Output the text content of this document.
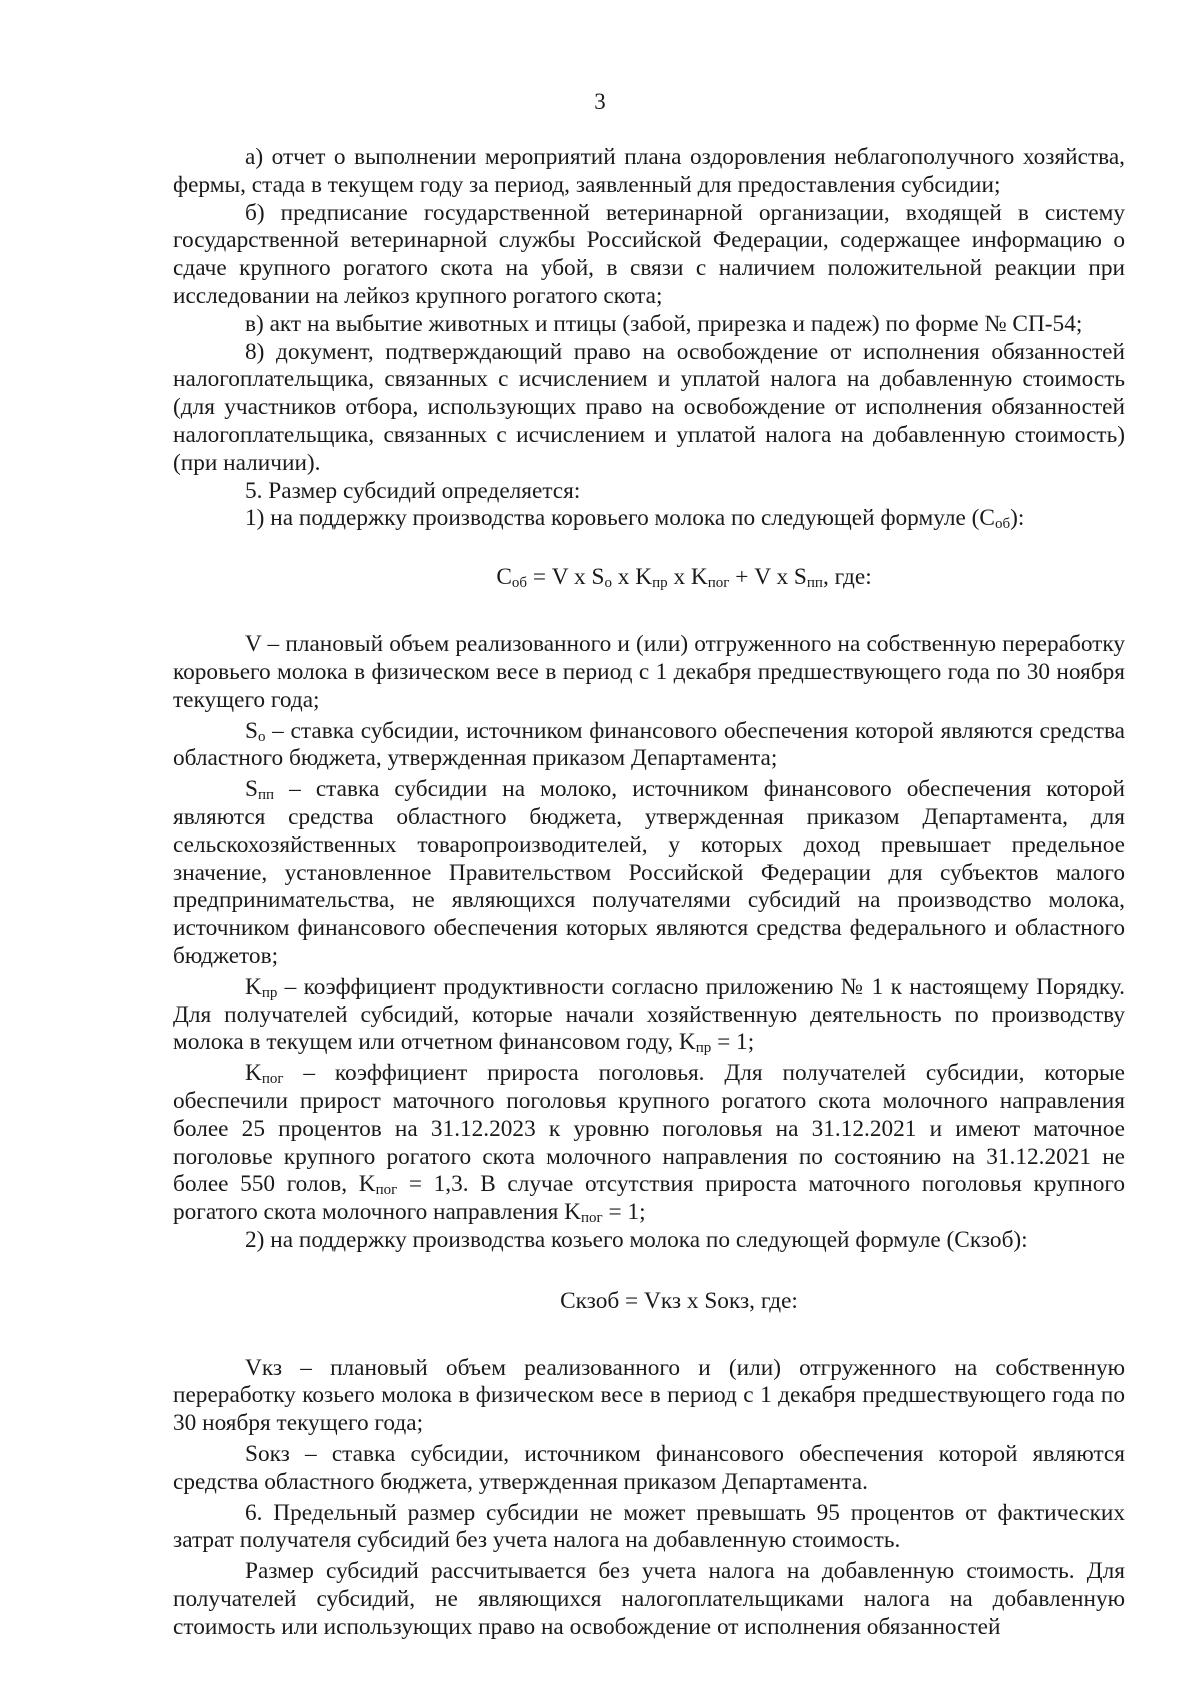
3

а) отчет о выполнении мероприятий плана оздоровления неблагополучного хозяйства, фермы, стада в текущем году за период, заявленный для предоставления субсидии;

б) предписание государственной ветеринарной организации, входящей в систему государственной ветеринарной службы Российской Федерации, содержащее информацию о сдаче крупного рогатого скота на убой, в связи с наличием положительной реакции при исследовании на лейкоз крупного рогатого скота;

в) акт на выбытие животных и птицы (забой, прирезка и падеж) по форме № СП-54;

8) документ, подтверждающий право на освобождение от исполнения обязанностей налогоплательщика, связанных с исчислением и уплатой налога на добавленную стоимость (для участников отбора, использующих право на освобождение от исполнения обязанностей налогоплательщика, связанных с исчислением и уплатой налога на добавленную стоимость) (при наличии).

5. Размер субсидий определяется:

1) на поддержку производства коровьего молока по следующей формуле $(С_{об})$:

$С_{об} = V$ x $S_о$ x $K_{пр}$ x $K_{пог} + V$ x $S_{пп}$, где:

V – плановый объем реализованного и (или) отгруженного на собственную переработку коровьего молока в физическом весе в период с 1 декабря предшествующего года по 30 ноября текущего года;

$S_о$ – ставка субсидии, источником финансового обеспечения которой являются средства областного бюджета, утвержденная приказом Департамента;

$S_{пп}$ – ставка субсидии на молоко, источником финансового обеспечения которой являются средства областного бюджета, утвержденная приказом Департамента, для сельскохозяйственных товаропроизводителей, у которых доход превышает предельное значение, установленное Правительством Российской Федерации для субъектов малого предпринимательства, не являющихся получателями субсидий на производство молока, источником финансового обеспечения которых являются средства федерального и областного бюджетов;

$K_{пр}$ – коэффициент продуктивности согласно приложению № 1 к настоящему Порядку. Для получателей субсидий, которые начали хозяйственную деятельность по производству молока в текущем или отчетном финансовом году, $K_{пр} = 1$;

$K_{пог}$ – коэффициент прироста поголовья. Для получателей субсидии, которые обеспечили прирост маточного поголовья крупного рогатого скота молочного направления более 25 процентов на 31.12.2023 к уровню поголовья на 31.12.2021 и имеют маточное поголовье крупного рогатого скота молочного направления по состоянию на 31.12.2021 не более 550 голов, $K_{пог} = 1,3$. В случае отсутствия прироста маточного поголовья крупного рогатого скота молочного направления $K_{пог} = 1$;

2) на поддержку производства козьего молока по следующей формуле (Скзоб):

Скзоб = Vкз x Sокз, где:

Vкз – плановый объем реализованного и (или) отгруженного на собственную переработку козьего молока в физическом весе в период с 1 декабря предшествующего года по 30 ноября текущего года;

Sокз – ставка субсидии, источником финансового обеспечения которой являются средства областного бюджета, утвержденная приказом Департамента.

6. Предельный размер субсидии не может превышать 95 процентов от фактических затрат получателя субсидий без учета налога на добавленную стоимость.

Размер субсидий рассчитывается без учета налога на добавленную стоимость. Для получателей субсидий, не являющихся налогоплательщиками налога на добавленную стоимость или использующих право на освобождение от исполнения обязанностей
